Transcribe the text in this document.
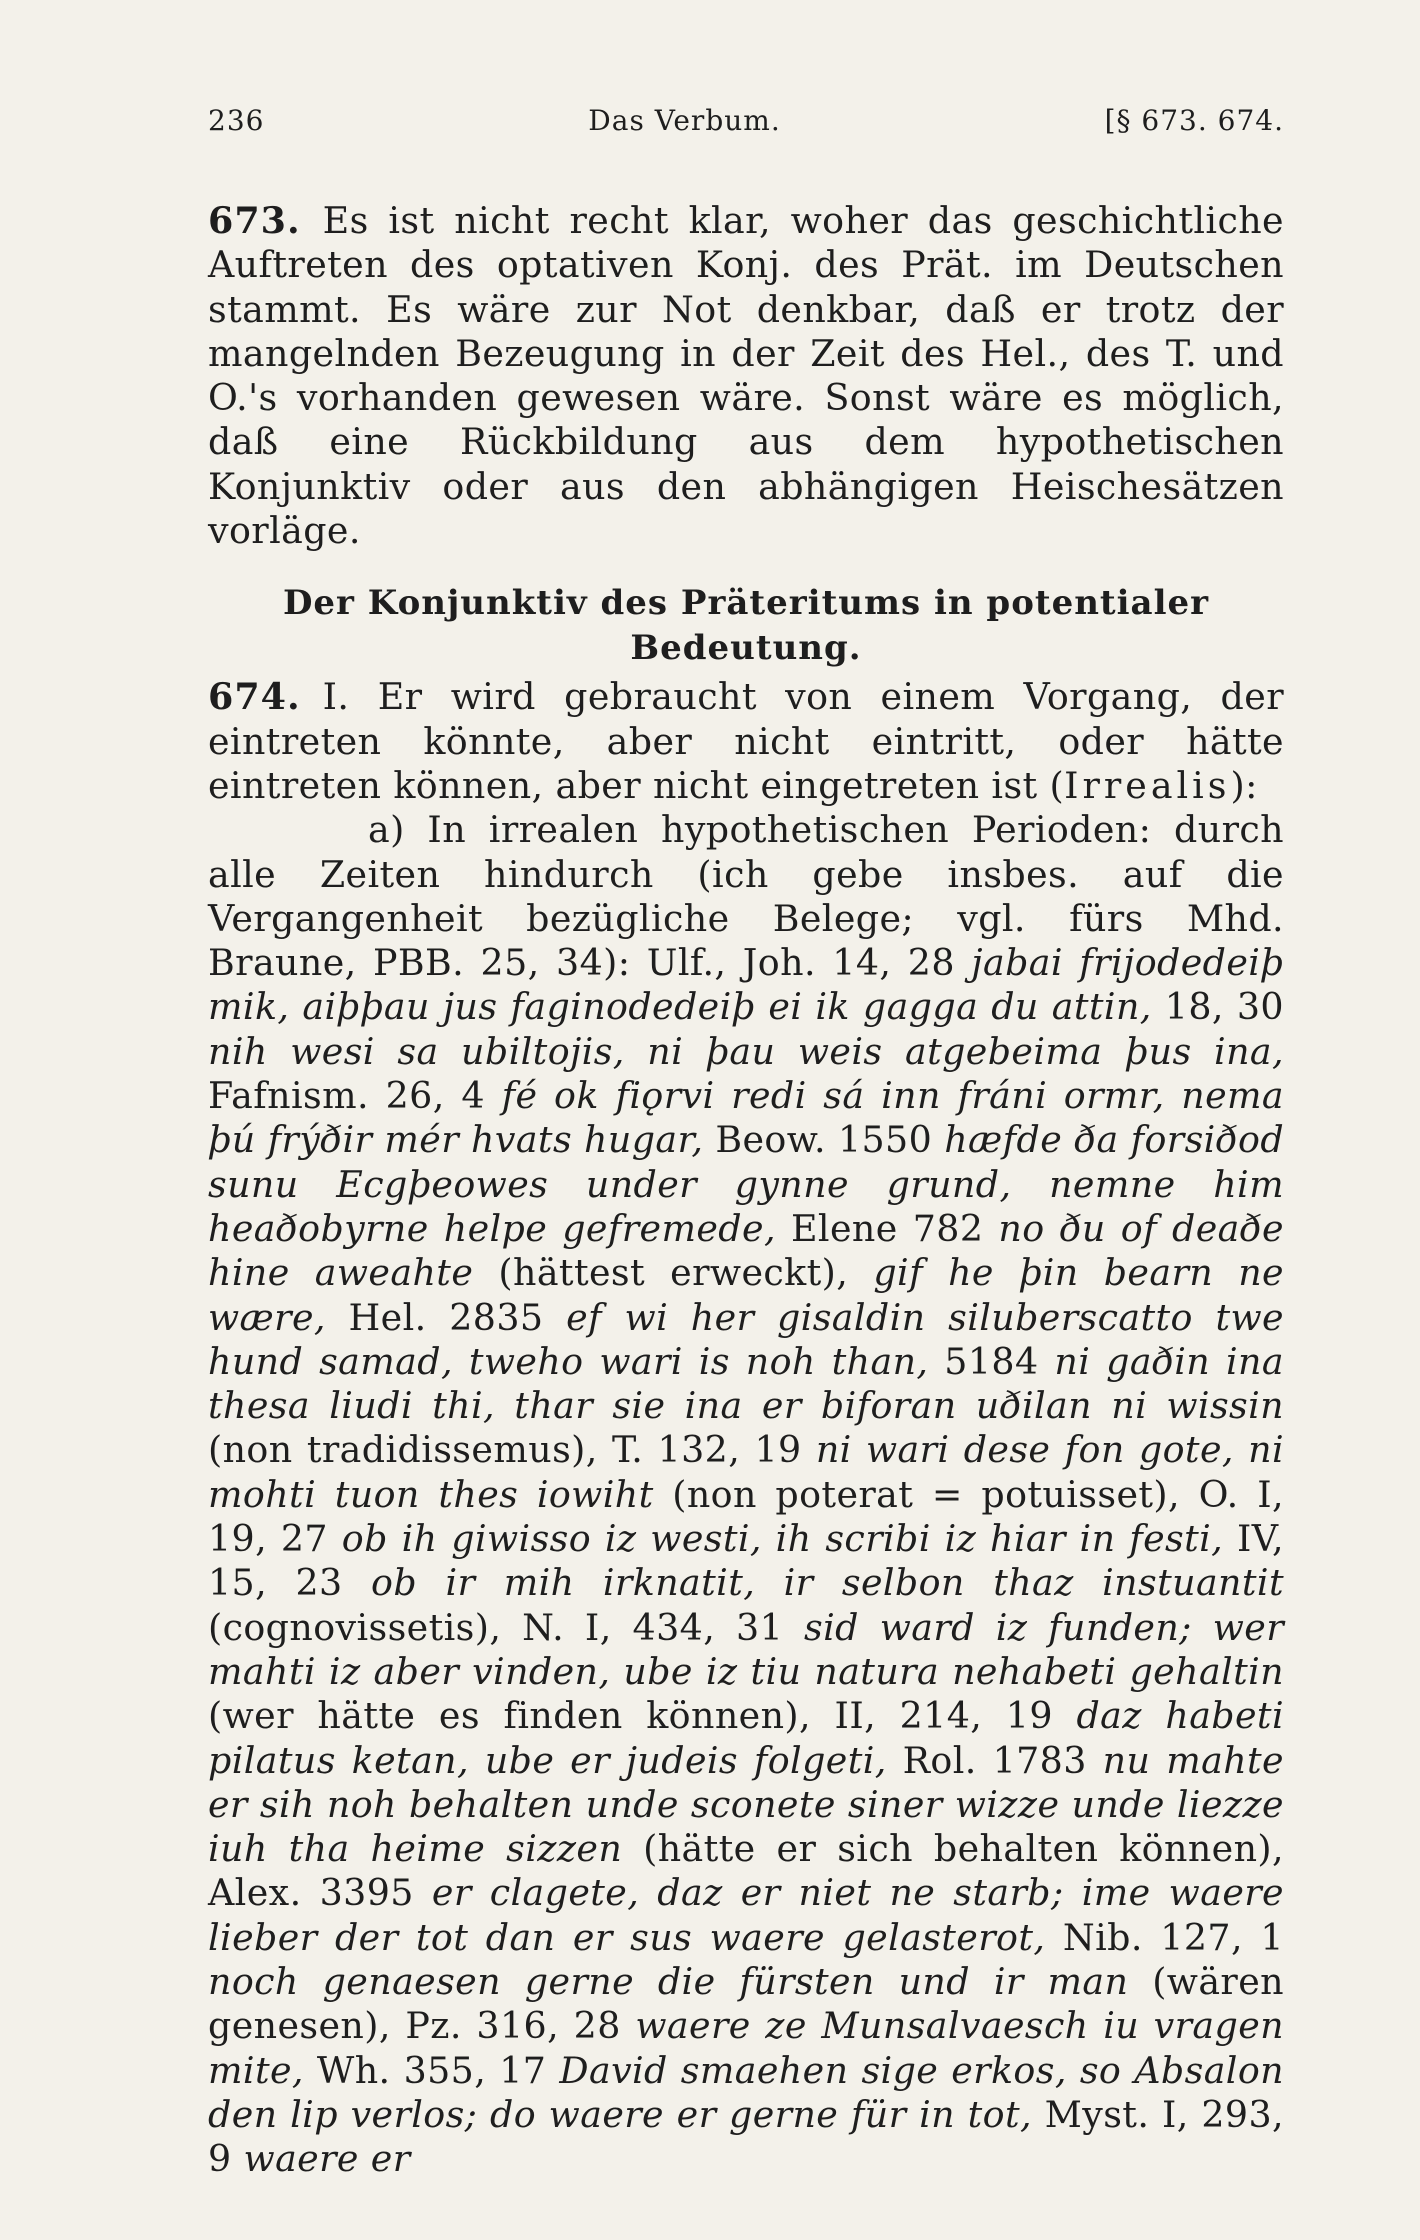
236	Das Verbum.	[§ 673. 674.

673. Es ist nicht recht klar, woher das geschichtliche Auftreten des optativen Konj. des Prät. im Deutschen stammt. Es wäre zur Not denkbar, daß er trotz der mangelnden Bezeugung in der Zeit des Hel., des T. und O.'s vorhanden gewesen wäre. Sonst wäre es möglich, daß eine Rückbildung aus dem hypothetischen Konjunktiv oder aus den abhängigen Heischesätzen vorläge.

Der Konjunktiv des Präteritums in potentialer Bedeutung.

674. I. Er wird gebraucht von einem Vorgang, der eintreten könnte, aber nicht eintritt, oder hätte eintreten können, aber nicht eingetreten ist (Irrealis):

a) In irrealen hypothetischen Perioden: durch alle Zeiten hindurch (ich gebe insbes. auf die Vergangenheit bezügliche Belege; vgl. fürs Mhd. Braune, PBB. 25, 34): Ulf., Joh. 14, 28 jabai frijodedeiþ mik, aiþþau jus faginodedeiþ ei ik gagga du attin, 18, 30 nih wesi sa ubiltojis, ni þau weis atgebeima þus ina, Fafnism. 26, 4 fé ok fiǫrvi redi sá inn fráni ormr, nema þú frýðir mér hvats hugar, Beow. 1550 hæfde ða forsiðod sunu Ecgþeowes under gynne grund, nemne him heaðobyrne helpe gefremede, Elene 782 no ðu of deaðe hine aweahte (hättest erweckt), gif he þin bearn ne wære, Hel. 2835 ef wi her gisaldin siluberscatto twe hund samad, tweho wari is noh than, 5184 ni gaðin ina thesa liudi thi, thar sie ina er biforan uðilan ni wissin (non tradidissemus), T. 132, 19 ni wari dese fon gote, ni mohti tuon thes iowiht (non poterat = potuisset), O. I, 19, 27 ob ih giwisso iz westi, ih scribi iz hiar in festi, IV, 15, 23 ob ir mih irknatit, ir selbon thaz instuantit (cognovissetis), N. I, 434, 31 sid ward iz funden; wer mahti iz aber vinden, ube iz tiu natura nehabeti gehaltin (wer hätte es finden können), II, 214, 19 daz habeti pilatus ketan, ube er judeis folgeti, Rol. 1783 nu mahte er sih noh behalten unde sconete siner wizze unde liezze iuh tha heime sizzen (hätte er sich behalten können), Alex. 3395 er clagete, daz er niet ne starb; ime waere lieber der tot dan er sus waere gelasterot, Nib. 127, 1 noch genaesen gerne die fürsten und ir man (wären genesen), Pz. 316, 28 waere ze Munsalvaesch iu vragen mite, Wh. 355, 17 David smaehen sige erkos, so Absalon den lip verlos; do waere er gerne für in tot, Myst. I, 293, 9 waere er
